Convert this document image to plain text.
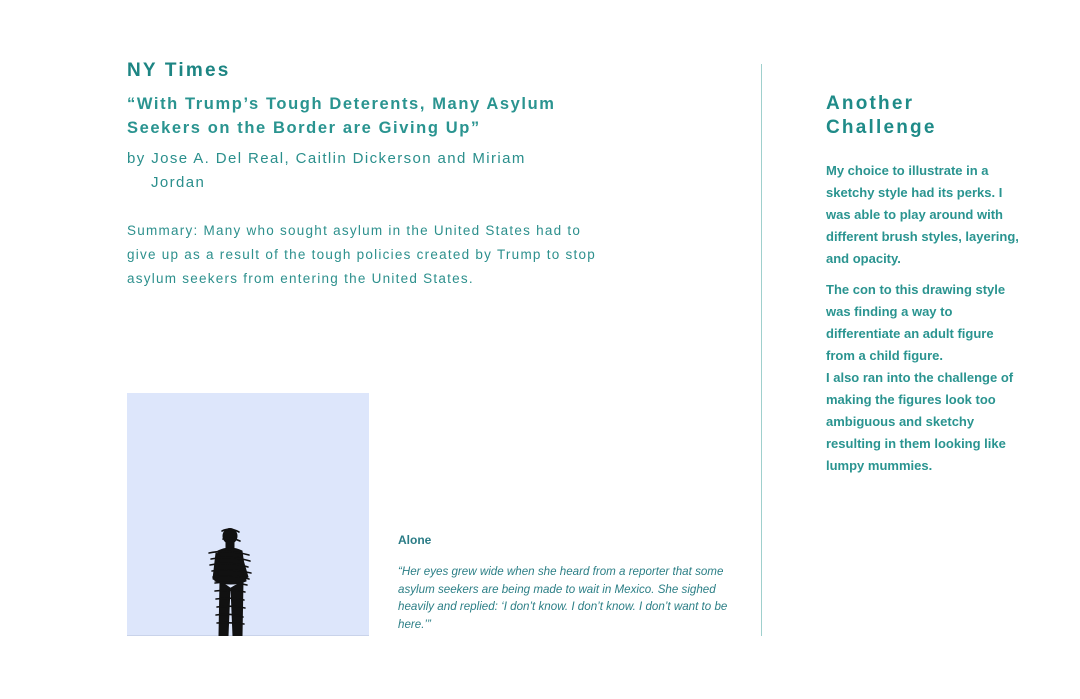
NY Times
“With Trump’s Tough Deterents, Many Asylum Seekers on the Border are Giving Up”

by Jose A. Del Real, Caitlin Dickerson and Miriam Jordan

Summary: Many who sought asylum in the United States had to give up as a result of the tough policies created by Trump to stop asylum seekers from entering the United States.

Alone

“Her eyes grew wide when she heard from a reporter that some asylum seekers are being made to wait in Mexico. She sighed heavily and replied: ‘I don’t know. I don’t know. I don’t want to be here.’”

Another Challenge

My choice to illustrate in a sketchy style had its perks. I was able to play around with different brush styles, layering, and opacity.

The con to this drawing style was finding a way to differentiate an adult figure from a child figure.

I also ran into the challenge of making the figures look too ambiguous and sketchy resulting in them looking like lumpy mummies.
